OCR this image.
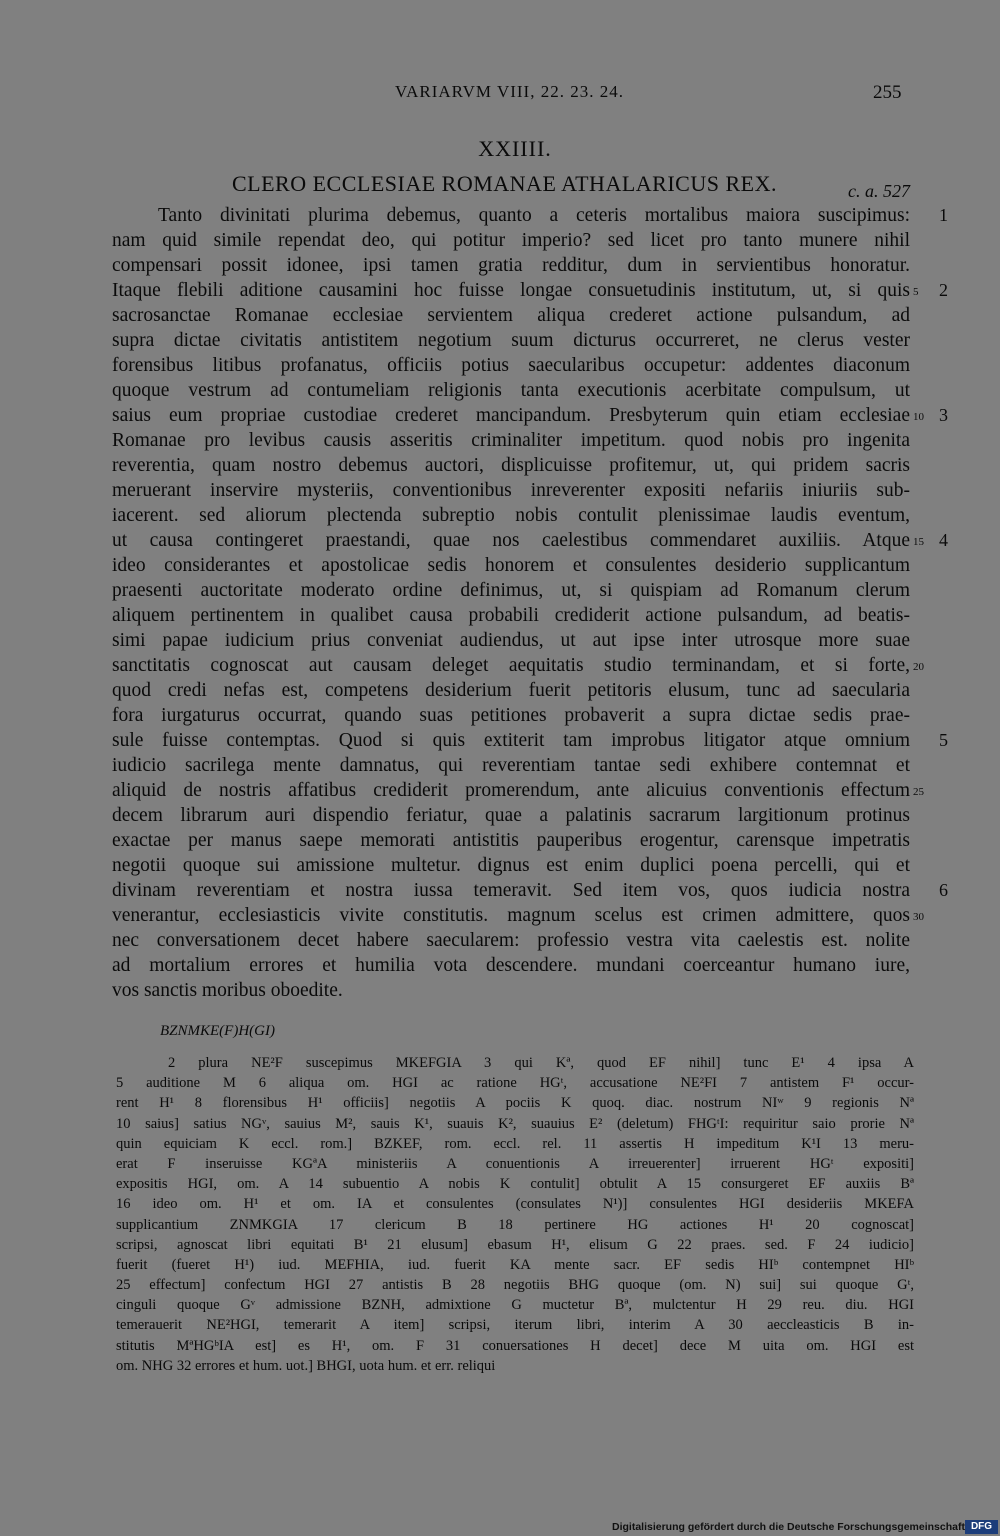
VARIARVM VIII, 22. 23. 24.	255
XXIIII.
CLERO ECCLESIAE ROMANAE ATHALARICUS REX.	c. a. 527
Tanto divinitati plurima debemus, quanto a ceteris mortalibus maiora suscipimus: 1
nam quid simile rependat deo, qui potitur imperio? sed licet pro tanto munere nihil
compensari possit idonee, ipsi tamen gratia redditur, dum in servientibus honoratur.
Itaque flebili aditione causamini hoc fuisse longae consuetudinis institutum, ut, si quis 5 2
sacrosanctae Romanae ecclesiae servientem aliqua crederet actione pulsandum, ad
supra dictae civitatis antistitem negotium suum dicturus occurreret, ne clerus vester
forensibus litibus profanatus, officiis potius saecularibus occupetur: addentes diaconum
quoque vestrum ad contumeliam religionis tanta executionis acerbitate compulsum, ut
saius eum propriae custodiae crederet mancipandum. Presbyterum quin etiam ecclesiae 10 3
Romanae pro levibus causis asseritis criminaliter impetitum. quod nobis pro ingenita
reverentia, quam nostro debemus auctori, displicuisse profitemur, ut, qui pridem sacris
meruerant inservire mysteriis, conventionibus inreverenter expositi nefariis iniuriis sub-
iacerent. sed aliorum plectenda subreptio nobis contulit plenissimae laudis eventum,
ut causa contingeret praestandi, quae nos caelestibus commendaret auxiliis. Atque 15 4
ideo considerantes et apostolicae sedis honorem et consulentes desiderio supplicantum
praesenti auctoritate moderato ordine definimus, ut, si quispiam ad Romanum clerum
aliquem pertinentem in qualibet causa probabili crediderit actione pulsandum, ad beatis-
simi papae iudicium prius conveniat audiendus, ut aut ipse inter utrosque more suae
sanctitatis cognoscat aut causam deleget aequitatis studio terminandam, et si forte, 20
quod credi nefas est, competens desiderium fuerit petitoris elusum, tunc ad saecularia
fora iurgaturus occurrat, quando suas petitiones probaverit a supra dictae sedis prae-
sule fuisse contemptas. Quod si quis extiterit tam improbus litigator atque omnium 5
iudicio sacrilega mente damnatus, qui reverentiam tantae sedi exhibere contemnat et
aliquid de nostris affatibus crediderit promerendum, ante alicuius conventionis effectum 25
decem librarum auri dispendio feriatur, quae a palatinis sacrarum largitionum protinus
exactae per manus saepe memorati antistitis pauperibus erogentur, carensque impetratis
negotii quoque sui amissione multetur. dignus est enim duplici poena percelli, qui et
divinam reverentiam et nostra iussa temeravit. Sed item vos, quos iudicia nostra 6
venerantur, ecclesiasticis vivite constitutis. magnum scelus est crimen admittere, quos 30
nec conversationem decet habere saecularem: professio vestra vita caelestis est. nolite
ad mortalium errores et humilia vota descendere. mundani coerceantur humano iure,
vos sanctis moribus oboedite.
BZNMKE(F)H(GI)
2 plura NE²F suscepimus MKEFGIA 3 qui Kª, quod EF nihil] tunc E¹ 4 ipsa A
5 auditione M 6 aliqua om. HGI ac ratione HGᵗ, accusatione NE²FI 7 antistem F¹ occur-
rent H¹ 8 florensibus H¹ officiis] negotiis A pociis K quoq. diac. nostrum NIʷ 9 regionis Nª
10 saius] satius NGᵛ, sauius M², sauis K¹, suauis K², suauius E² (deletum) FHGᵗI: requiritur saio prorie Nª
quin equiciam K eccl. rom.] BZKEF, rom. eccl. rel. 11 assertis H impeditum K¹I 13 meru-
erat F inseruisse KGªA ministeriis A conuentionis A irreuerenter] irruerent HGᵗ expositi]
expositis HGI, om. A 14 subuentio A nobis K contulit] obtulit A 15 consurgeret EF auxiis Bª
16 ideo om. H¹ et om. IA et consulentes (consulates N¹)] consulentes HGI desideriis MKEFA
supplicantium ZNMKGIA 17 clericum B 18 pertinere HG actiones H¹ 20 cognoscat]
scripsi, agnoscat libri equitati B¹ 21 elusum] ebasum H¹, elisum G 22 praes. sed. F 24 iudicio]
fuerit (fueret H¹) iud. MEFHIA, iud. fuerit KA mente sacr. EF sedis HIᵇ contempnet HIᵇ
25 effectum] confectum HGI 27 antistis B 28 negotiis BHG quoque (om. N) sui] sui quoque Gᵗ,
cinguli quoque Gᵛ admissione BZNH, admixtione G muctetur Bª, mulctentur H 29 reu. diu. HGI
temerauerit NE²HGI, temerarit A item] scripsi, iterum libri, interim A 30 aeccleasticis B in-
stitutis MªHGᵇIA est] es H¹, om. F 31 conuersationes H decet] dece M uita om. HGI est
om. NHG 32 errores et hum. uot.] BHGI, uota hum. et err. reliqui
Digitalisierung gefördert durch die Deutsche Forschungsgemeinschaft DFG
